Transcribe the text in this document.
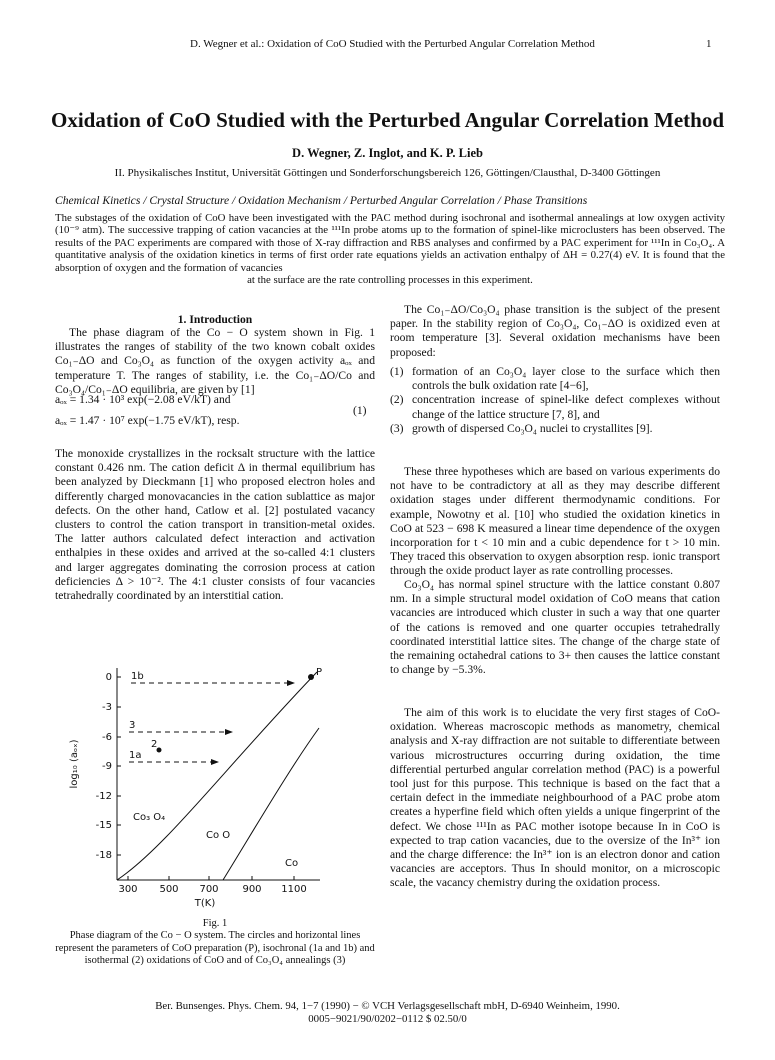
D. Wegner et al.: Oxidation of CoO Studied with the Perturbed Angular Correlation Method	1
Oxidation of CoO Studied with the Perturbed Angular Correlation Method
D. Wegner, Z. Inglot, and K. P. Lieb
II. Physikalisches Institut, Universität Göttingen und Sonderforschungsbereich 126, Göttingen/Clausthal, D-3400 Göttingen
Chemical Kinetics / Crystal Structure / Oxidation Mechanism / Perturbed Angular Correlation / Phase Transitions
The substages of the oxidation of CoO have been investigated with the PAC method during isochronal and isothermal annealings at low oxygen activity (10⁻⁹ atm). The successive trapping of cation vacancies at the ¹¹¹In probe atoms up to the formation of spinel-like microclusters has been observed. The results of the PAC experiments are compared with those of X-ray diffraction and RBS analyses and confirmed by a PAC experiment for ¹¹¹In in Co₃O₄. A quantitative analysis of the oxidation kinetics in terms of first order rate equations yields an activation enthalpy of ΔH = 0.27(4) eV. It is found that the absorption of oxygen and the formation of vacancies
at the surface are the rate controlling processes in this experiment.
1. Introduction

The phase diagram of the Co − O system shown in Fig. 1 illustrates the ranges of stability of the two known cobalt oxides Co₁₋ΔO and Co₃O₄ as function of the oxygen activity aₒₓ and temperature T. The ranges of stability, i.e. the Co₁₋ΔO/Co and Co₃O₄/Co₁₋ΔO equilibria, are given by [1]

aₒₓ = 1.34 · 10³ exp(−2.08 eV/kT) and
aₒₓ = 1.47 · 10⁷ exp(−1.75 eV/kT), resp.
(1)

The monoxide crystallizes in the rocksalt structure with the lattice constant 0.426 nm. The cation deficit Δ in thermal equilibrium has been analyzed by Dieckmann [1] who proposed electron holes and differently charged monovacancies in the cation sublattice as major defects. On the other hand, Catlow et al. [2] postulated vacancy clusters to control the cation transport in transition-metal oxides. The latter authors calculated defect interaction and activation enthalpies in these oxides and arrived at the so-called 4:1 clusters and larger aggregates dominating the corrosion process at cation deficiencies Δ > 10⁻². The 4:1 cluster consists of four vacancies tetrahedrally coordinated by an interstitial cation.

0
-3
-6
-9
-12
-15
-18
300 500 700 900 1100
T(K)
log₁₀ (aₒₓ)
Co₃ O₄
Co O
Co
1b	P
3
2
1a
Fig. 1
Phase diagram of the Co − O system. The circles and horizontal lines represent the parameters of CoO preparation (P), isochronal (1a and 1b) and isothermal (2) oxidations of CoO and of Co₃O₄ annealings (3)

The Co₁₋ΔO/Co₃O₄ phase transition is the subject of the present paper. In the stability region of Co₃O₄, Co₁₋ΔO is oxidized even at room temperature [3]. Several oxidation mechanisms have been proposed:

(1) formation of an Co₃O₄ layer close to the surface which then controls the bulk oxidation rate [4−6],
(2) concentration increase of spinel-like defect complexes without change of the lattice structure [7, 8], and
(3) growth of dispersed Co₃O₄ nuclei to crystallites [9].

These three hypotheses which are based on various experiments do not have to be contradictory at all as they may describe different oxidation stages under different thermodynamic conditions. For example, Nowotny et al. [10] who studied the oxidation kinetics in CoO at 523 − 698 K measured a linear time dependence of the oxygen incorporation for t < 10 min and a cubic dependence for t > 10 min. They traced this observation to oxygen absorption resp. ionic transport through the oxide product layer as rate controlling processes.

Co₃O₄ has normal spinel structure with the lattice constant 0.807 nm. In a simple structural model oxidation of CoO means that cation vacancies are introduced which cluster in such a way that one quarter of the cations is removed and one quarter occupies tetrahedrally coordinated interstitial lattice sites. The change of the charge state of the remaining octahedral cations to 3+ then causes the lattice constant to change by −5.3%.

The aim of this work is to elucidate the very first stages of CoO-oxidation. Whereas macroscopic methods as manometry, chemical analysis and X-ray diffraction are not suitable to differentiate between various microstructures occurring during oxidation, the time differential perturbed angular correlation method (PAC) is a powerful tool just for this purpose. This technique is based on the fact that a certain defect in the immediate neighbourhood of a PAC probe atom creates a hyperfine field which often yields a unique fingerprint of the defect. We chose ¹¹¹In as PAC mother isotope because In in CoO is expected to trap cation vacancies, due to the oversize of the In³⁺ ion and the charge difference: the In³⁺ ion is an electron donor and cation vacancies are acceptors. Thus In should monitor, on a microscopic scale, the vacancy chemistry during the oxidation process.

Ber. Bunsenges. Phys. Chem. 94, 1−7 (1990) − © VCH Verlagsgesellschaft mbH, D-6940 Weinheim, 1990.
0005−9021/90/0202−0112 $ 02.50/0
